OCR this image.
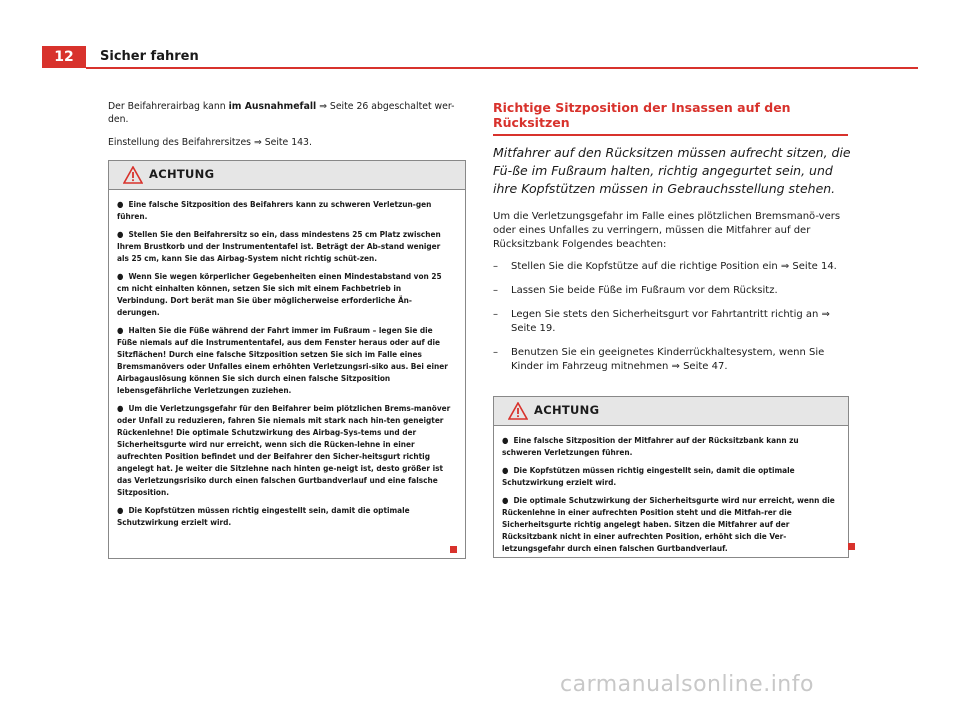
12	Sicher fahren

Der Beifahrerairbag kann im Ausnahmefall ⇒ Seite 26 abgeschaltet wer-den.

Einstellung des Beifahrersitzes ⇒ Seite 143.

ACHTUNG

● Eine falsche Sitzposition des Beifahrers kann zu schweren Verletzun-gen führen.

● Stellen Sie den Beifahrersitz so ein, dass mindestens 25 cm Platz zwischen Ihrem Brustkorb und der Instrumententafel ist. Beträgt der Ab-stand weniger als 25 cm, kann Sie das Airbag-System nicht richtig schüt-zen.

● Wenn Sie wegen körperlicher Gegebenheiten einen Mindestabstand von 25 cm nicht einhalten können, setzen Sie sich mit einem Fachbetrieb in Verbindung. Dort berät man Sie über möglicherweise erforderliche Än-derungen.

● Halten Sie die Füße während der Fahrt immer im Fußraum – legen Sie die Füße niemals auf die Instrumententafel, aus dem Fenster heraus oder auf die Sitzflächen! Durch eine falsche Sitzposition setzen Sie sich im Falle eines Bremsmanövers oder Unfalles einem erhöhten Verletzungsri-siko aus. Bei einer Airbagauslösung können Sie sich durch einen falsche Sitzposition lebensgefährliche Verletzungen zuziehen.

● Um die Verletzungsgefahr für den Beifahrer beim plötzlichen Brems-manöver oder Unfall zu reduzieren, fahren Sie niemals mit stark nach hin-ten geneigter Rückenlehne! Die optimale Schutzwirkung des Airbag-Sys-tems und der Sicherheitsgurte wird nur erreicht, wenn sich die Rücken-lehne in einer aufrechten Position befindet und der Beifahrer den Sicher-heitsgurt richtig angelegt hat. Je weiter die Sitzlehne nach hinten ge-neigt ist, desto größer ist das Verletzungsrisiko durch einen falschen Gurtbandverlauf und eine falsche Sitzposition.

● Die Kopfstützen müssen richtig eingestellt sein, damit die optimale Schutzwirkung erzielt wird.

Richtige Sitzposition der Insassen auf den Rücksitzen

Mitfahrer auf den Rücksitzen müssen aufrecht sitzen, die Fü-ße im Fußraum halten, richtig angegurtet sein, und ihre Kopfstützen müssen in Gebrauchsstellung stehen.

Um die Verletzungsgefahr im Falle eines plötzlichen Bremsmanö-vers oder eines Unfalles zu verringern, müssen die Mitfahrer auf der Rücksitzbank Folgendes beachten:

–	Stellen Sie die Kopfstütze auf die richtige Position ein ⇒ Seite 14.
–	Lassen Sie beide Füße im Fußraum vor dem Rücksitz.
–	Legen Sie stets den Sicherheitsgurt vor Fahrtantritt richtig an ⇒ Seite 19.
–	Benutzen Sie ein geeignetes Kinderrückhaltesystem, wenn Sie Kinder im Fahrzeug mitnehmen ⇒ Seite 47.
ACHTUNG

● Eine falsche Sitzposition der Mitfahrer auf der Rücksitzbank kann zu schweren Verletzungen führen.

● Die Kopfstützen müssen richtig eingestellt sein, damit die optimale Schutzwirkung erzielt wird.

● Die optimale Schutzwirkung der Sicherheitsgurte wird nur erreicht, wenn die Rückenlehne in einer aufrechten Position steht und die Mitfah-rer die Sicherheitsgurte richtig angelegt haben. Sitzen die Mitfahrer auf der Rücksitzbank nicht in einer aufrechten Position, erhöht sich die Ver-letzungsgefahr durch einen falschen Gurtbandverlauf.

carmanualsonline.info
